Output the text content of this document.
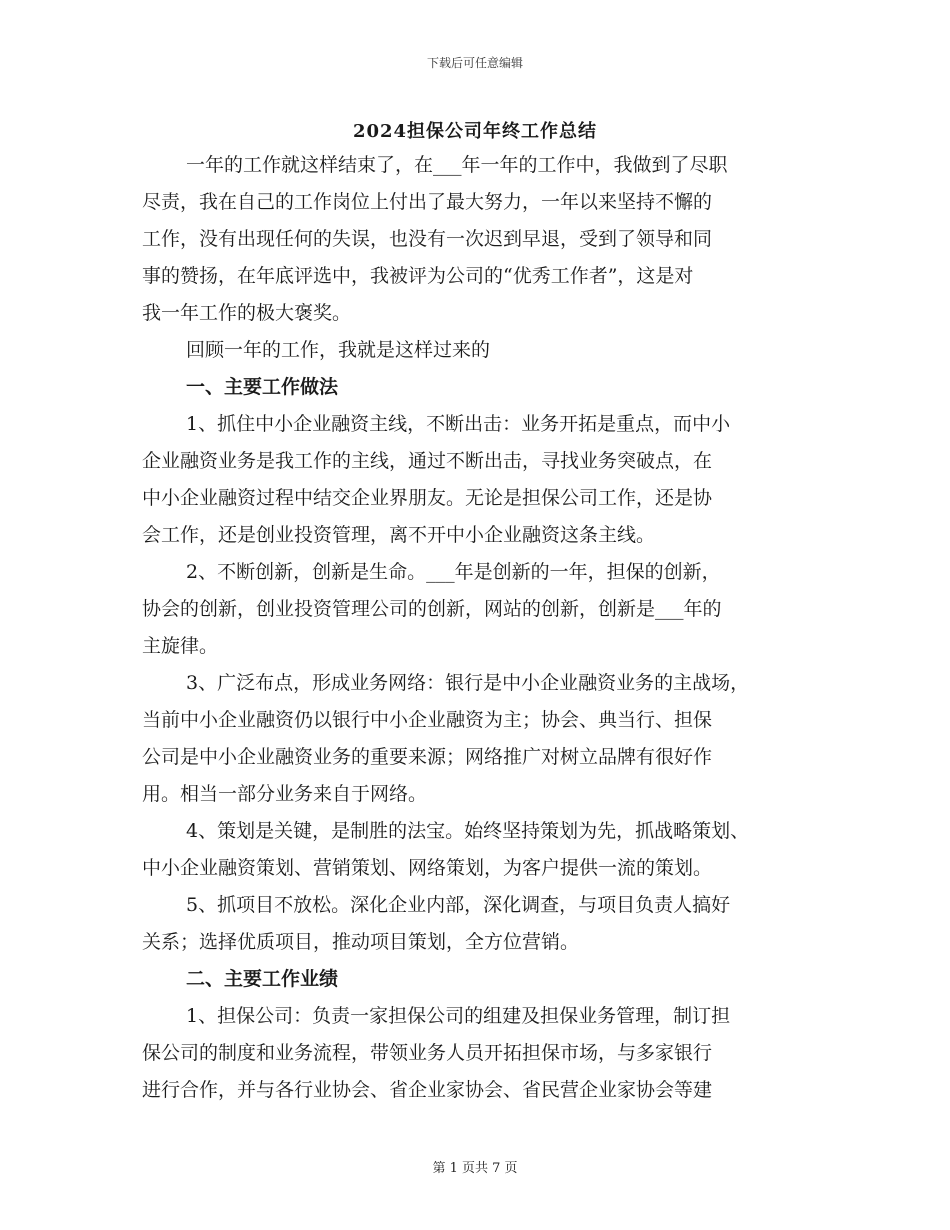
下载后可任意编辑
2024担保公司年终工作总结
一年的工作就这样结束了，在___年一年的工作中，我做到了尽职
尽责，我在自己的工作岗位上付出了最大努力，一年以来坚持不懈的
工作，没有出现任何的失误，也没有一次迟到早退，受到了领导和同
事的赞扬，在年底评选中，我被评为公司的“优秀工作者”，这是对
我一年工作的极大褒奖。
回顾一年的工作，我就是这样过来的
一、主要工作做法
1、抓住中小企业融资主线，不断出击：业务开拓是重点，而中小
企业融资业务是我工作的主线，通过不断出击，寻找业务突破点，在
中小企业融资过程中结交企业界朋友。无论是担保公司工作，还是协
会工作，还是创业投资管理，离不开中小企业融资这条主线。
2、不断创新，创新是生命。___年是创新的一年，担保的创新，
协会的创新，创业投资管理公司的创新，网站的创新，创新是___年的
主旋律。
3、广泛布点，形成业务网络：银行是中小企业融资业务的主战场，
当前中小企业融资仍以银行中小企业融资为主；协会、典当行、担保
公司是中小企业融资业务的重要来源；网络推广对树立品牌有很好作
用。相当一部分业务来自于网络。
4、策划是关键，是制胜的法宝。始终坚持策划为先，抓战略策划、
中小企业融资策划、营销策划、网络策划，为客户提供一流的策划。
5、抓项目不放松。深化企业内部，深化调查，与项目负责人搞好
关系；选择优质项目，推动项目策划，全方位营销。
二、主要工作业绩
1、担保公司：负责一家担保公司的组建及担保业务管理，制订担
保公司的制度和业务流程，带领业务人员开拓担保市场，与多家银行
进行合作，并与各行业协会、省企业家协会、省民营企业家协会等建
第 1 页共 7 页
